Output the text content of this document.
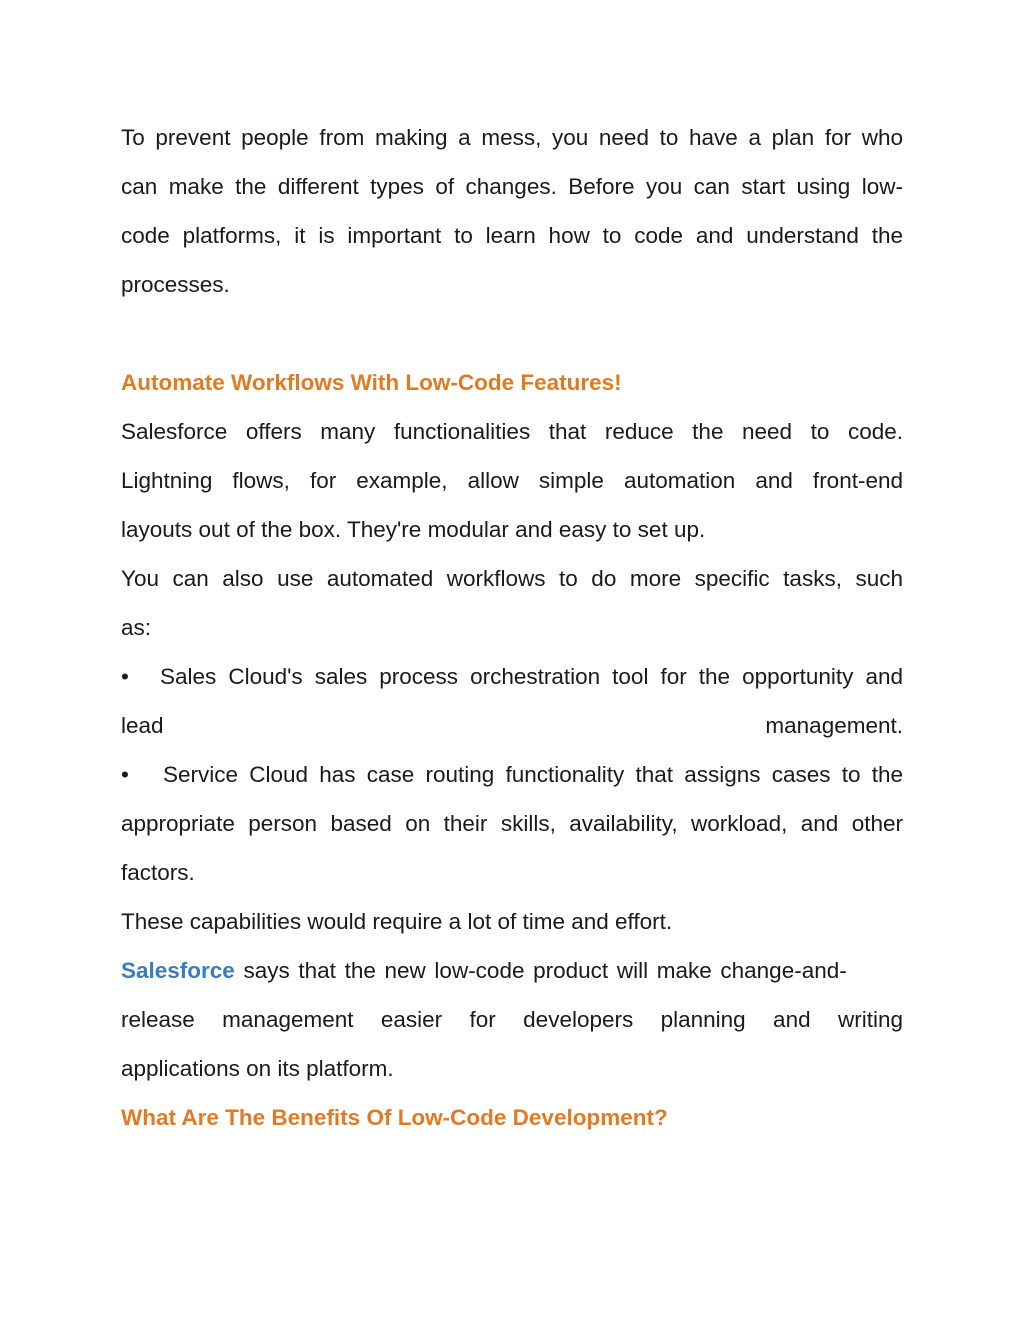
To prevent people from making a mess, you need to have a plan for who
can make the different types of changes. Before you can start using low-
code platforms, it is important to learn how to code and understand the
processes.
Automate Workflows With Low-Code Features!
Salesforce offers many functionalities that reduce the need to code.
Lightning flows, for example, allow simple automation and front-end
layouts out of the box. They're modular and easy to set up.
You can also use automated workflows to do more specific tasks, such
as:
•	Sales Cloud's sales process orchestration tool for the opportunity and
lead	management.
•	Service Cloud has case routing functionality that assigns cases to the
appropriate person based on their skills, availability, workload, and other
factors.
These capabilities would require a lot of time and effort.
Salesforce says that the new low-code product will make change-and-
release management easier for developers planning and writing
applications on its platform.
What Are The Benefits Of Low-Code Development?
